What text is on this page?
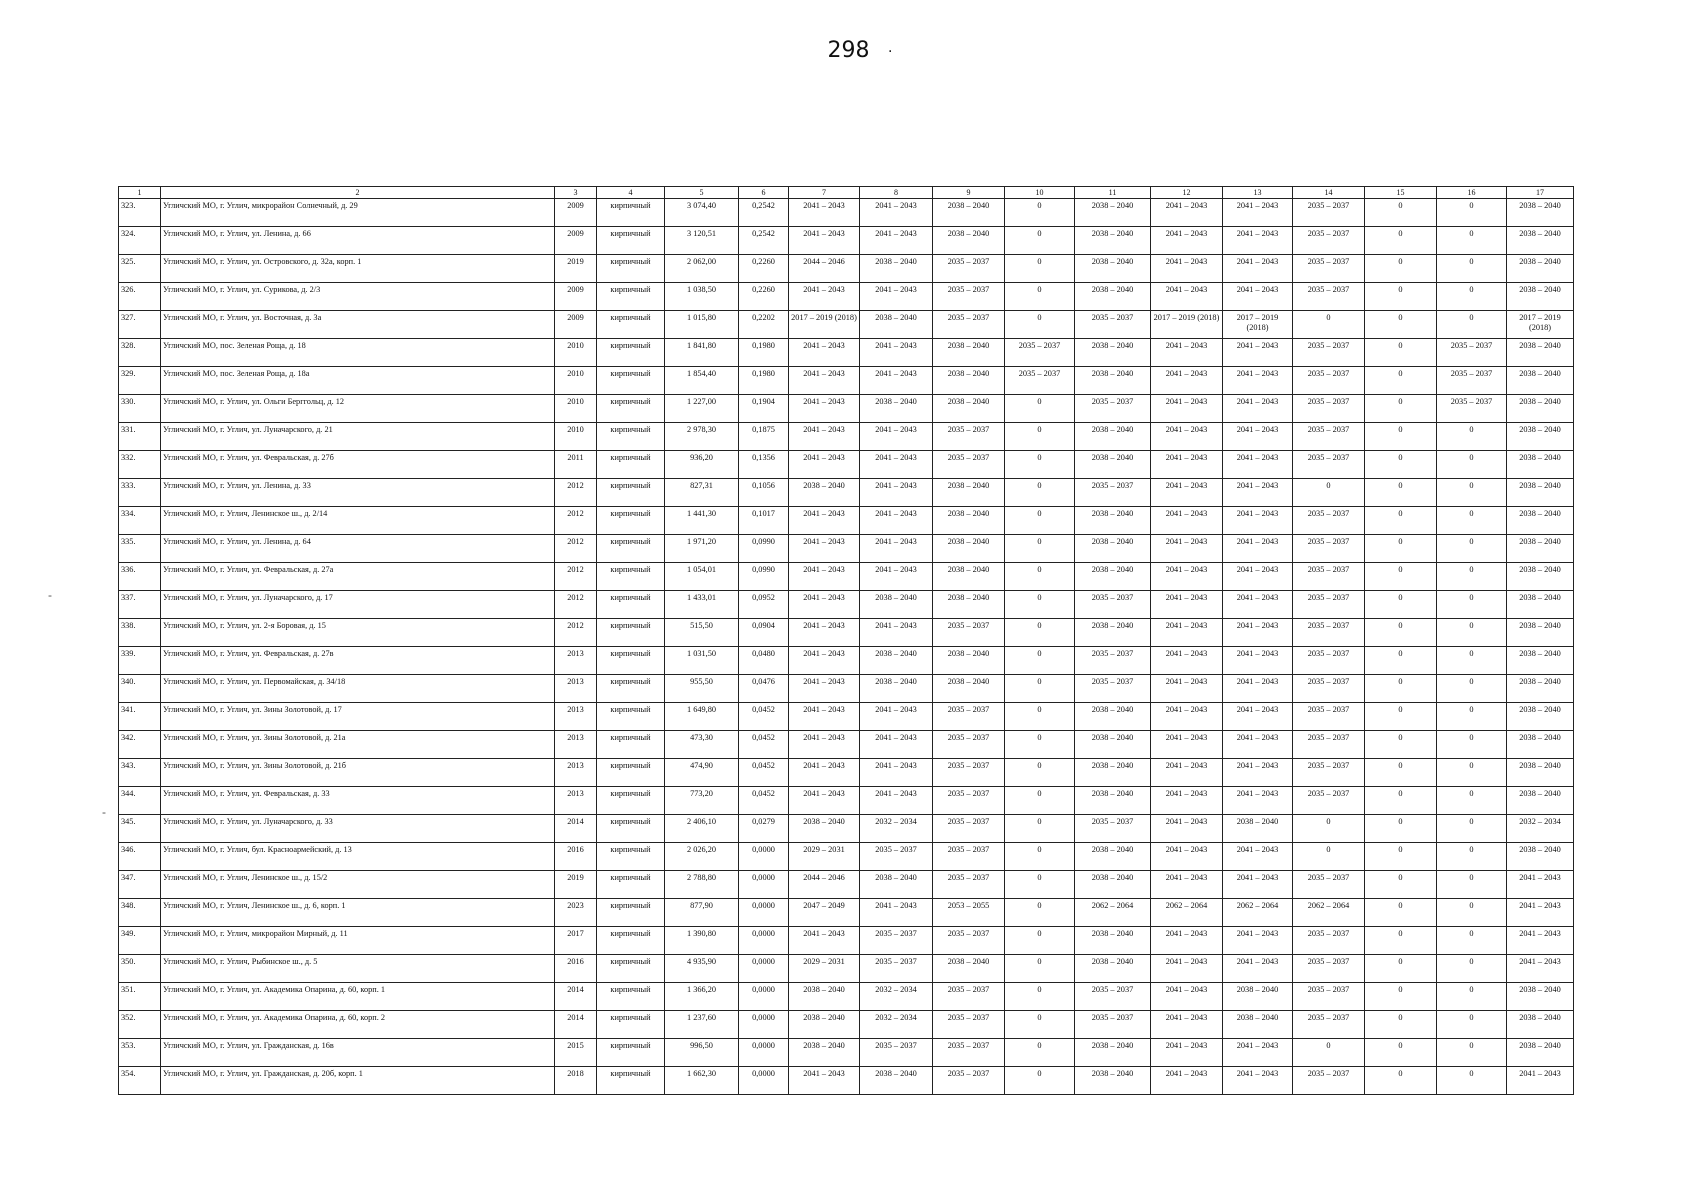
298 .
-
-
1	2	3	4	5	6	7	8	9	10	11	12	13	14	15	16	17
323.	Угличский МО, г. Углич, микрорайон Солнечный, д. 29	2009	кирпичный	3 074,40	0,2542	2041 – 2043	2041 – 2043	2038 – 2040	0	2038 – 2040	2041 – 2043	2041 – 2043	2035 – 2037	0	0	2038 – 2040
324.	Угличский МО, г. Углич, ул. Ленина, д. 66	2009	кирпичный	3 120,51	0,2542	2041 – 2043	2041 – 2043	2038 – 2040	0	2038 – 2040	2041 – 2043	2041 – 2043	2035 – 2037	0	0	2038 – 2040
325.	Угличский МО, г. Углич, ул. Островского, д. 32а, корп. 1	2019	кирпичный	2 062,00	0,2260	2044 – 2046	2038 – 2040	2035 – 2037	0	2038 – 2040	2041 – 2043	2041 – 2043	2035 – 2037	0	0	2038 – 2040
326.	Угличский МО, г. Углич, ул. Сурикова, д. 2/3	2009	кирпичный	1 038,50	0,2260	2041 – 2043	2041 – 2043	2035 – 2037	0	2038 – 2040	2041 – 2043	2041 – 2043	2035 – 2037	0	0	2038 – 2040
327.	Угличский МО, г. Углич, ул. Восточная, д. 3а	2009	кирпичный	1 015,80	0,2202	2017 – 2019 (2018)	2038 – 2040	2035 – 2037	0	2035 – 2037	2017 – 2019 (2018)	2017 – 2019 (2018)	0	0	0	2017 – 2019 (2018)
328.	Угличский МО, пос. Зеленая Роща, д. 18	2010	кирпичный	1 841,80	0,1980	2041 – 2043	2041 – 2043	2038 – 2040	2035 – 2037	2038 – 2040	2041 – 2043	2041 – 2043	2035 – 2037	0	2035 – 2037	2038 – 2040
329.	Угличский МО, пос. Зеленая Роща, д. 18а	2010	кирпичный	1 854,40	0,1980	2041 – 2043	2041 – 2043	2038 – 2040	2035 – 2037	2038 – 2040	2041 – 2043	2041 – 2043	2035 – 2037	0	2035 – 2037	2038 – 2040
330.	Угличский МО, г. Углич, ул. Ольги Берггольц, д. 12	2010	кирпичный	1 227,00	0,1904	2041 – 2043	2038 – 2040	2038 – 2040	0	2035 – 2037	2041 – 2043	2041 – 2043	2035 – 2037	0	2035 – 2037	2038 – 2040
331.	Угличский МО, г. Углич, ул. Луначарского, д. 21	2010	кирпичный	2 978,30	0,1875	2041 – 2043	2041 – 2043	2035 – 2037	0	2038 – 2040	2041 – 2043	2041 – 2043	2035 – 2037	0	0	2038 – 2040
332.	Угличский МО, г. Углич, ул. Февральская, д. 27б	2011	кирпичный	936,20	0,1356	2041 – 2043	2041 – 2043	2035 – 2037	0	2038 – 2040	2041 – 2043	2041 – 2043	2035 – 2037	0	0	2038 – 2040
333.	Угличский МО, г. Углич, ул. Ленина, д. 33	2012	кирпичный	827,31	0,1056	2038 – 2040	2041 – 2043	2038 – 2040	0	2035 – 2037	2041 – 2043	2041 – 2043	0	0	0	2038 – 2040
334.	Угличский МО, г. Углич, Ленинское ш., д. 2/14	2012	кирпичный	1 441,30	0,1017	2041 – 2043	2041 – 2043	2038 – 2040	0	2038 – 2040	2041 – 2043	2041 – 2043	2035 – 2037	0	0	2038 – 2040
335.	Угличский МО, г. Углич, ул. Ленина, д. 64	2012	кирпичный	1 971,20	0,0990	2041 – 2043	2041 – 2043	2038 – 2040	0	2038 – 2040	2041 – 2043	2041 – 2043	2035 – 2037	0	0	2038 – 2040
336.	Угличский МО, г. Углич, ул. Февральская, д. 27а	2012	кирпичный	1 054,01	0,0990	2041 – 2043	2041 – 2043	2038 – 2040	0	2038 – 2040	2041 – 2043	2041 – 2043	2035 – 2037	0	0	2038 – 2040
337.	Угличский МО, г. Углич, ул. Луначарского, д. 17	2012	кирпичный	1 433,01	0,0952	2041 – 2043	2038 – 2040	2038 – 2040	0	2035 – 2037	2041 – 2043	2041 – 2043	2035 – 2037	0	0	2038 – 2040
338.	Угличский МО, г. Углич, ул. 2-я Боровая, д. 15	2012	кирпичный	515,50	0,0904	2041 – 2043	2041 – 2043	2035 – 2037	0	2038 – 2040	2041 – 2043	2041 – 2043	2035 – 2037	0	0	2038 – 2040
339.	Угличский МО, г. Углич, ул. Февральская, д. 27в	2013	кирпичный	1 031,50	0,0480	2041 – 2043	2038 – 2040	2038 – 2040	0	2035 – 2037	2041 – 2043	2041 – 2043	2035 – 2037	0	0	2038 – 2040
340.	Угличский МО, г. Углич, ул. Первомайская, д. 34/18	2013	кирпичный	955,50	0,0476	2041 – 2043	2038 – 2040	2038 – 2040	0	2035 – 2037	2041 – 2043	2041 – 2043	2035 – 2037	0	0	2038 – 2040
341.	Угличский МО, г. Углич, ул. Зины Золотовой, д. 17	2013	кирпичный	1 649,80	0,0452	2041 – 2043	2041 – 2043	2035 – 2037	0	2038 – 2040	2041 – 2043	2041 – 2043	2035 – 2037	0	0	2038 – 2040
342.	Угличский МО, г. Углич, ул. Зины Золотовой, д. 21а	2013	кирпичный	473,30	0,0452	2041 – 2043	2041 – 2043	2035 – 2037	0	2038 – 2040	2041 – 2043	2041 – 2043	2035 – 2037	0	0	2038 – 2040
343.	Угличский МО, г. Углич, ул. Зины Золотовой, д. 21б	2013	кирпичный	474,90	0,0452	2041 – 2043	2041 – 2043	2035 – 2037	0	2038 – 2040	2041 – 2043	2041 – 2043	2035 – 2037	0	0	2038 – 2040
344.	Угличский МО, г. Углич, ул. Февральская, д. 33	2013	кирпичный	773,20	0,0452	2041 – 2043	2041 – 2043	2035 – 2037	0	2038 – 2040	2041 – 2043	2041 – 2043	2035 – 2037	0	0	2038 – 2040
345.	Угличский МО, г. Углич, ул. Луначарского, д. 33	2014	кирпичный	2 406,10	0,0279	2038 – 2040	2032 – 2034	2035 – 2037	0	2035 – 2037	2041 – 2043	2038 – 2040	0	0	0	2032 – 2034
346.	Угличский МО, г. Углич, бул. Красноармейский, д. 13	2016	кирпичный	2 026,20	0,0000	2029 – 2031	2035 – 2037	2035 – 2037	0	2038 – 2040	2041 – 2043	2041 – 2043	0	0	0	2038 – 2040
347.	Угличский МО, г. Углич, Ленинское ш., д. 15/2	2019	кирпичный	2 788,80	0,0000	2044 – 2046	2038 – 2040	2035 – 2037	0	2038 – 2040	2041 – 2043	2041 – 2043	2035 – 2037	0	0	2041 – 2043
348.	Угличский МО, г. Углич, Ленинское ш., д. 6, корп. 1	2023	кирпичный	877,90	0,0000	2047 – 2049	2041 – 2043	2053 – 2055	0	2062 – 2064	2062 – 2064	2062 – 2064	2062 – 2064	0	0	2041 – 2043
349.	Угличский МО, г. Углич, микрорайон Мирный, д. 11	2017	кирпичный	1 390,80	0,0000	2041 – 2043	2035 – 2037	2035 – 2037	0	2038 – 2040	2041 – 2043	2041 – 2043	2035 – 2037	0	0	2041 – 2043
350.	Угличский МО, г. Углич, Рыбинское ш., д. 5	2016	кирпичный	4 935,90	0,0000	2029 – 2031	2035 – 2037	2038 – 2040	0	2038 – 2040	2041 – 2043	2041 – 2043	2035 – 2037	0	0	2041 – 2043
351.	Угличский МО, г. Углич, ул. Академика Опарина, д. 60, корп. 1	2014	кирпичный	1 366,20	0,0000	2038 – 2040	2032 – 2034	2035 – 2037	0	2035 – 2037	2041 – 2043	2038 – 2040	2035 – 2037	0	0	2038 – 2040
352.	Угличский МО, г. Углич, ул. Академика Опарина, д. 60, корп. 2	2014	кирпичный	1 237,60	0,0000	2038 – 2040	2032 – 2034	2035 – 2037	0	2035 – 2037	2041 – 2043	2038 – 2040	2035 – 2037	0	0	2038 – 2040
353.	Угличский МО, г. Углич, ул. Гражданская, д. 16в	2015	кирпичный	996,50	0,0000	2038 – 2040	2035 – 2037	2035 – 2037	0	2038 – 2040	2041 – 2043	2041 – 2043	0	0	0	2038 – 2040
354.	Угличский МО, г. Углич, ул. Гражданская, д. 20б, корп. 1	2018	кирпичный	1 662,30	0,0000	2041 – 2043	2038 – 2040	2035 – 2037	0	2038 – 2040	2041 – 2043	2041 – 2043	2035 – 2037	0	0	2041 – 2043
